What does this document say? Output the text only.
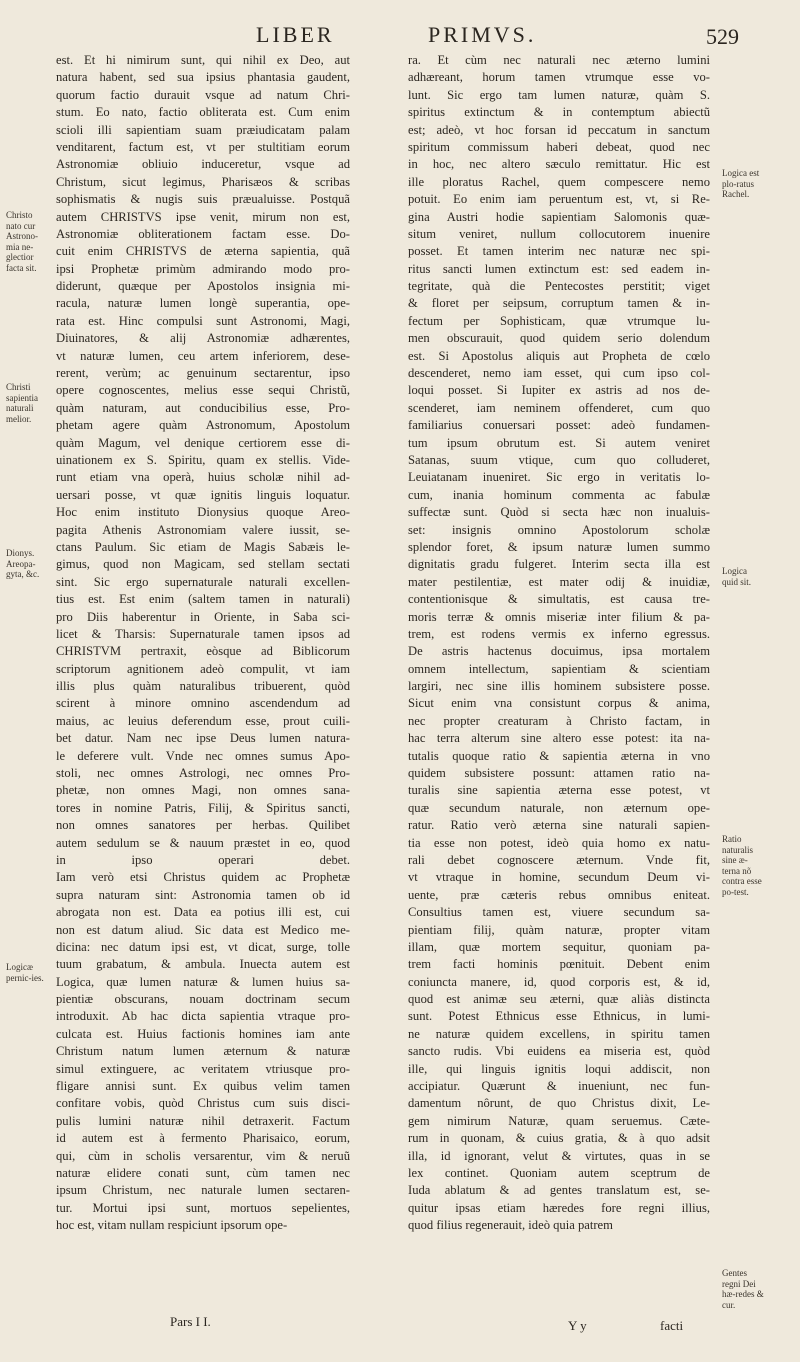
LIBER	PRIMVS.	529
est. Et hi nimirum sunt, qui nihil ex Deo, aut
natura habent, sed sua ipsius phantasia gaudent,
quorum factio durauit vsque ad natum Chri-
stum. Eo nato, factio obliterata est. Cum enim
scioli illi sapientiam suam præiudicatam palam
venditarent, factum est, vt per stultitiam eorum
Astronomiæ obliuio induceretur, vsque ad
Christum, sicut legimus, Pharisæos & scribas
sophismatis & nugis suis præualuisse. Postquã
autem CHRISTVS ipse venit, mirum non est,
Astronomiæ obliterationem factam esse. Do-
cuit enim CHRISTVS de æterna sapientia, quã
ipsi Prophetæ primùm admirando modo pro-
diderunt, quæque per Apostolos insignia mi-
racula, naturæ lumen longè superantia, ope-
rata est. Hinc compulsi sunt Astronomi, Magi,
Diuinatores, & alij Astronomiæ adhærentes,
vt naturæ lumen, ceu artem inferiorem, dese-
rerent, verùm; ac genuinum sectarentur, ipso
opere cognoscentes, melius esse sequi Christũ,
quàm naturam, aut conducibilius esse, Pro-
phetam agere quàm Astronomum, Apostolum
quàm Magum, vel denique certiorem esse di-
uinationem ex S. Spiritu, quam ex stellis. Vide-
runt etiam vna operà, huius scholæ nihil ad-
uersari posse, vt quæ ignitis linguis loquatur.
Hoc enim instituto Dionysius quoque Areo-
pagita Athenis Astronomiam valere iussit, se-
ctans Paulum. Sic etiam de Magis Sabæis le-
gimus, quod non Magicam, sed stellam sectati
sint. Sic ergo supernaturale naturali excellen-
tius est. Est enim (saltem tamen in naturali)
pro Diis haberentur in Oriente, in Saba sci-
licet & Tharsis: Supernaturale tamen ipsos ad
CHRISTVM pertraxit, eòsque ad Biblicorum
scriptorum agnitionem adeò compulit, vt iam
illis plus quàm naturalibus tribuerent, quòd
scirent à minore omnino ascendendum ad
maius, ac leuius deferendum esse, prout cuili-
bet datur. Nam nec ipse Deus lumen natura-
le deferere vult. Vnde nec omnes sumus Apo-
stoli, nec omnes Astrologi, nec omnes Pro-
phetæ, non omnes Magi, non omnes sana-
tores in nomine Patris, Filij, & Spiritus sancti,
non omnes sanatores per herbas. Quilibet
autem sedulum se & nauum præstet in eo, quod
in ipso operari debet.
Iam verò etsi Christus quidem ac Prophetæ
supra naturam sint: Astronomia tamen ob id
abrogata non est. Data ea potius illi est, cui
non est datum aliud. Sic data est Medico me-
dicina: nec datum ipsi est, vt dicat, surge, tolle
tuum grabatum, & ambula. Inuecta autem est
Logica, quæ lumen naturæ & lumen huius sa-
pientiæ obscurans, nouam doctrinam secum
introduxit. Ab hac dicta sapientia vtraque pro-
culcata est. Huius factionis homines iam ante
Christum natum lumen æternum & naturæ
simul extinguere, ac veritatem vtriusque pro-
fligare annisi sunt. Ex quibus velim tamen
confitare vobis, quòd Christus cum suis disci-
pulis lumini naturæ nihil detraxerit. Factum
id autem est à fermento Pharisaico, eorum,
qui, cùm in scholis versarentur, vim & neruũ
naturæ elidere conati sunt, cùm tamen nec
ipsum Christum, nec naturale lumen sectaren-
tur. Mortui ipsi sunt, mortuos sepelientes,
hoc est, vitam nullam respiciunt ipsorum ope-
ra. Et cùm nec naturali nec æterno lumini
adhæreant, horum tamen vtrumque esse vo-
lunt. Sic ergo tam lumen naturæ, quàm S.
spiritus extinctum & in contemptum abiectũ
est; adeò, vt hoc forsan id peccatum in sanctum
spiritum commissum haberi debeat, quod nec
in hoc, nec altero sæculo remittatur. Hic est
ille ploratus Rachel, quem compescere nemo
potuit. Eo enim iam peruentum est, vt, si Re-
gina Austri hodie sapientiam Salomonis quæ-
situm veniret, nullum collocutorem inuenire
posset. Et tamen interim nec naturæ nec spi-
ritus sancti lumen extinctum est: sed eadem in-
tegritate, quà die Pentecostes perstitit; viget
& floret per seipsum, corruptum tamen & in-
fectum per Sophisticam, quæ vtrumque lu-
men obscurauit, quod quidem serio dolendum
est. Si Apostolus aliquis aut Propheta de cœlo
descenderet, nemo iam esset, qui cum ipso col-
loqui posset. Si Iupiter ex astris ad nos de-
scenderet, iam neminem offenderet, cum quo
familiarius conuersari posset: adeò fundamen-
tum ipsum obrutum est. Si autem veniret
Satanas, suum vtique, cum quo colluderet,
Leuiatanam inueniret. Sic ergo in veritatis lo-
cum, inania hominum commenta ac fabulæ
suffectæ sunt. Quòd si secta hæc non inualuis-
set: insignis omnino Apostolorum scholæ
splendor foret, & ipsum naturæ lumen summo
dignitatis gradu fulgeret. Interim secta illa est
mater pestilentiæ, est mater odij & inuidiæ,
contentionisque & simultatis, est causa tre-
moris terræ & omnis miseriæ inter filium & pa-
trem, est rodens vermis ex inferno egressus.
De astris hactenus docuimus, ipsa mortalem
omnem intellectum, sapientiam & scientiam
largiri, nec sine illis hominem subsistere posse.
Sicut enim vna consistunt corpus & anima,
nec propter creaturam à Christo factam, in
hac terra alterum sine altero esse potest: ita na-
tutalis quoque ratio & sapientia æterna in vno
quidem subsistere possunt: attamen ratio na-
turalis sine sapientia æterna esse potest, vt
quæ secundum naturale, non æternum ope-
ratur. Ratio verò æterna sine naturali sapien-
tia esse non potest, ideò quia homo ex natu-
rali debet cognoscere æternum. Vnde fit,
vt vtraque in homine, secundum Deum vi-
uente, præ cæteris rebus omnibus eniteat.
Consultius tamen est, viuere secundum sa-
pientiam filij, quàm naturæ, propter vitam
illam, quæ mortem sequitur, quoniam pa-
trem facti hominis pœnituit. Debent enim
coniuncta manere, id, quod corporis est, & id,
quod est animæ seu æterni, quæ aliàs distincta
sunt. Potest Ethnicus esse Ethnicus, in lumi-
ne naturæ quidem excellens, in spiritu tamen
sancto rudis. Vbi euidens ea miseria est, quòd
ille, qui linguis ignitis loqui addiscit, non
accipiatur. Quærunt & inueniunt, nec fun-
damentum nôrunt, de quo Christus dixit, Le-
gem nimirum Naturæ, quam seruemus. Cæte-
rum in quonam, & cuius gratia, & à quo adsit
illa, id ignorant, velut & virtutes, quas in se
lex continet. Quoniam autem sceptrum de
Iuda ablatum & ad gentes translatum est, se-
quitur ipsas etiam hæredes fore regni illius,
quod filius regenerauit, ideò quia patrem
Christo nato cur Astrono-mia ne-glectior facta sit.
Christi sapientia naturali melior.
Dionys. Areopa-gyta, &c.
Logicæ pernic-ies.
Logica est plo-ratus Rachel.
Logica quid sit.
Ratio naturalis sine æ-terna nõ contra esse po-test.
Gentes regni Dei hæ-redes & cur.
Pars I I.	Y y	facti
